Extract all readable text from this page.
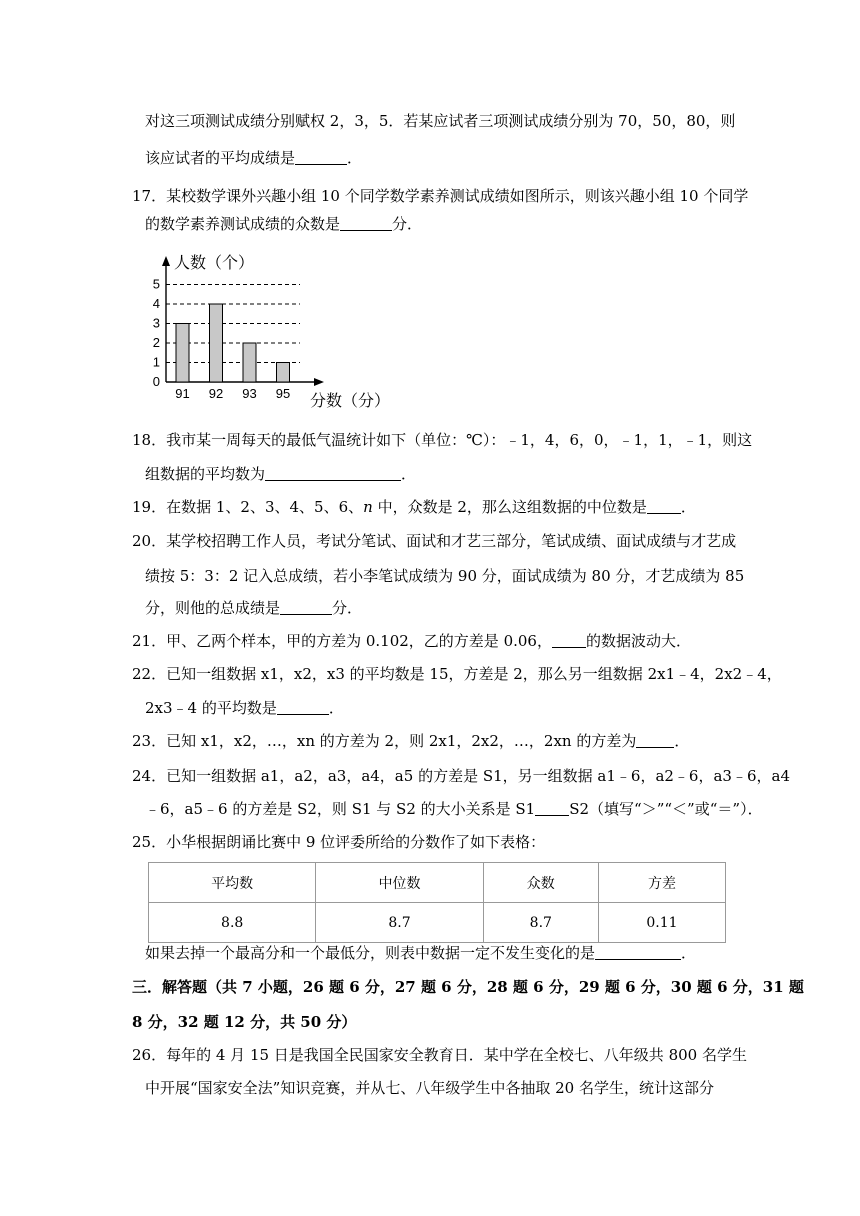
对这三项测试成绩分别赋权 2，3，5．若某应试者三项测试成绩分别为 70，50，80，则
该应试者的平均成绩是	．
17．某校数学课外兴趣小组 10 个同学数学素养测试成绩如图所示，则该兴趣小组 10 个同学
的数学素养测试成绩的众数是	分．
0
1
2
3
4
5
91 92 93 95
人数（个）
分数（分）
18．我市某一周每天的最低气温统计如下（单位：℃）：﹣1，4，6，0，﹣1，1，﹣1，则这
组数据的平均数为	．
19．在数据 1、2、3、4、5、6、n 中，众数是 2，那么这组数据的中位数是 ．
20．某学校招聘工作人员，考试分笔试、面试和才艺三部分，笔试成绩、面试成绩与才艺成
绩按 5：3：2 记入总成绩，若小李笔试成绩为 90 分，面试成绩为 80 分，才艺成绩为 85
分，则他的总成绩是	分．
21．甲、乙两个样本，甲的方差为 0.102，乙的方差是 0.06， 的数据波动大．
22．已知一组数据 x1，x2，x3 的平均数是 15，方差是 2，那么另一组数据 2x1﹣4，2x2﹣4，
2x3﹣4 的平均数是	．
23．已知 x1，x2，…，xn 的方差为 2，则 2x1，2x2，…，2xn 的方差为	．
24．已知一组数据 a1，a2，a3，a4，a5 的方差是 S1，另一组数据 a1﹣6，a2﹣6，a3﹣6，a4
﹣6，a5﹣6 的方差是 S2，则 S1 与 S2 的大小关系是 S1 S2（填写“＞”“＜”或“＝”）．
25．小华根据朗诵比赛中 9 位评委所给的分数作了如下表格：
平均数	中位数	众数	方差
8.8	8.7	8.7	0.11
如果去掉一个最高分和一个最低分，则表中数据一定不发生变化的是	．
三．解答题（共 7 小题，26 题 6 分，27 题 6 分，28 题 6 分，29 题 6 分，30 题 6 分，31 题
8 分，32 题 12 分，共 50 分）
26．每年的 4 月 15 日是我国全民国家安全教育日．某中学在全校七、八年级共 800 名学生
中开展“国家安全法”知识竞赛，并从七、八年级学生中各抽取 20 名学生，统计这部分
